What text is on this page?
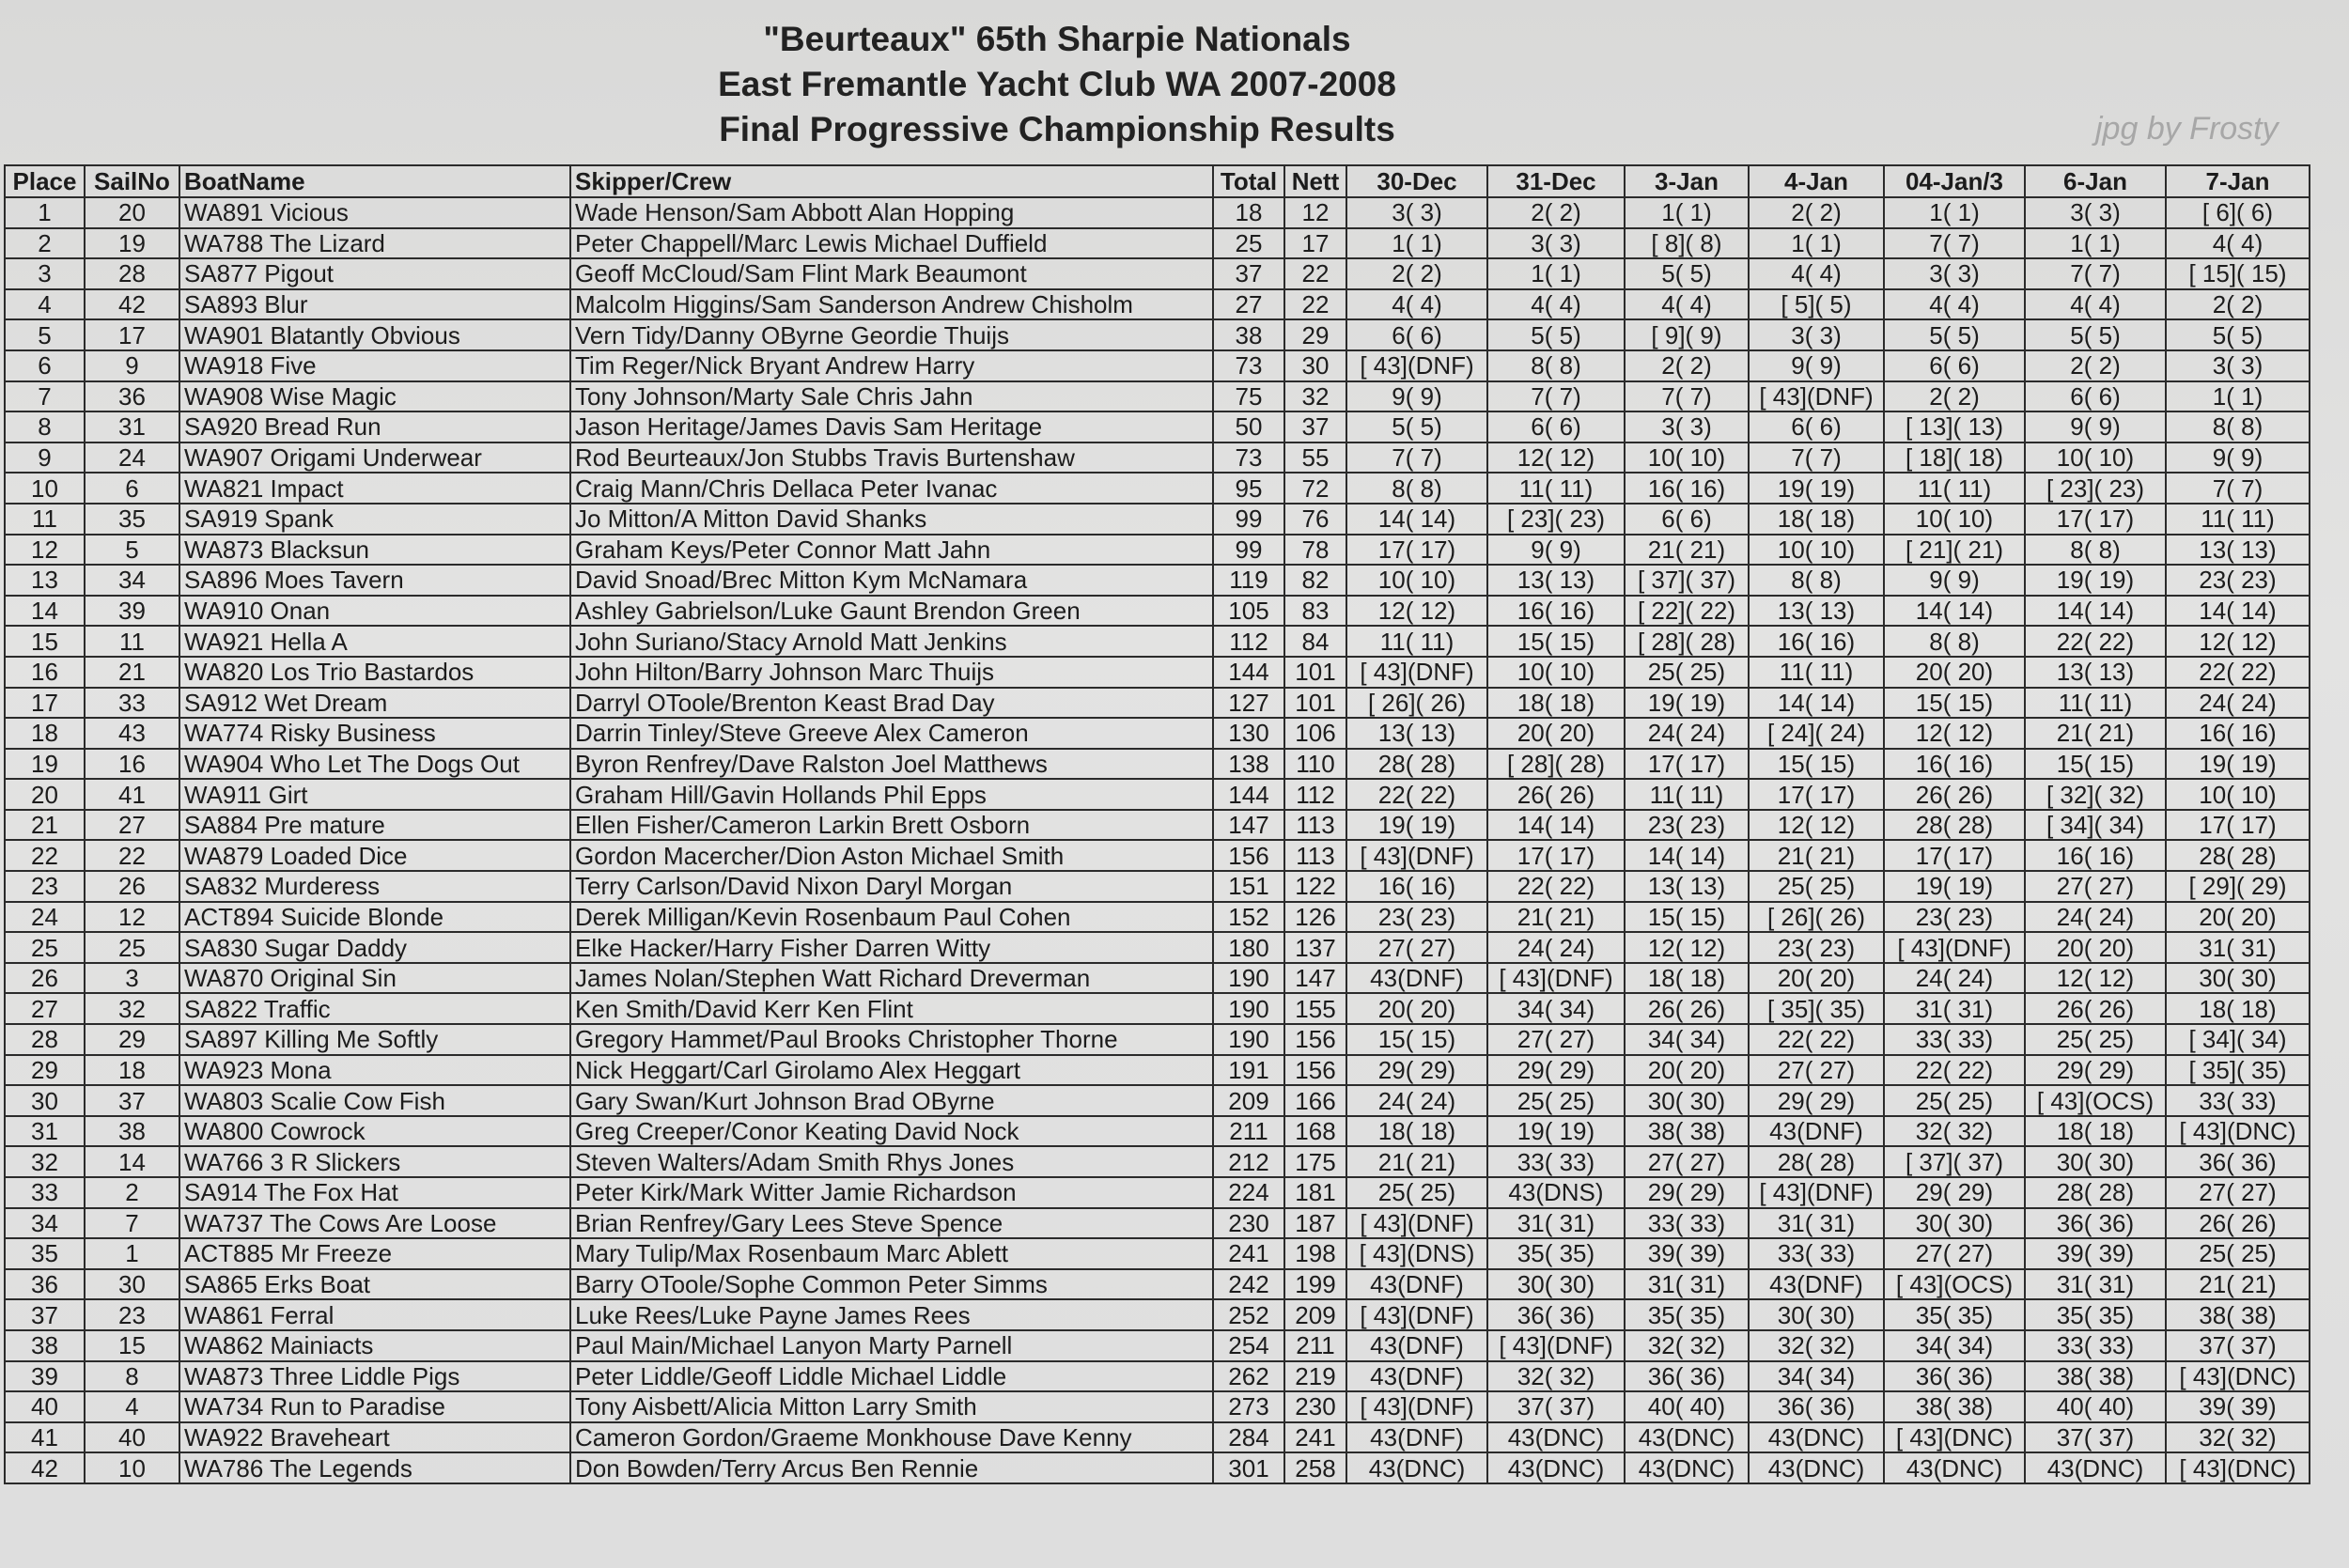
"Beurteaux" 65th Sharpie Nationals
East Fremantle Yacht Club WA 2007-2008
Final Progressive Championship Results	jpg by Frosty
Place	SailNo	BoatName	Skipper/Crew	Total	Nett	30-Dec	31-Dec	3-Jan	4-Jan	04-Jan/3	6-Jan	7-Jan
1	20	WA891 Vicious	Wade Henson/Sam Abbott Alan Hopping	18	12	3( 3)	2( 2)	1( 1)	2( 2)	1( 1)	3( 3)	[ 6]( 6)
2	19	WA788 The Lizard	Peter Chappell/Marc Lewis Michael Duffield	25	17	1( 1)	3( 3)	[ 8]( 8)	1( 1)	7( 7)	1( 1)	4( 4)
3	28	SA877 Pigout	Geoff McCloud/Sam Flint Mark Beaumont	37	22	2( 2)	1( 1)	5( 5)	4( 4)	3( 3)	7( 7)	[ 15]( 15)
4	42	SA893 Blur	Malcolm Higgins/Sam Sanderson Andrew Chisholm	27	22	4( 4)	4( 4)	4( 4)	[ 5]( 5)	4( 4)	4( 4)	2( 2)
5	17	WA901 Blatantly Obvious	Vern Tidy/Danny OByrne Geordie Thuijs	38	29	6( 6)	5( 5)	[ 9]( 9)	3( 3)	5( 5)	5( 5)	5( 5)
6	9	WA918 Five	Tim Reger/Nick Bryant Andrew Harry	73	30	[ 43](DNF)	8( 8)	2( 2)	9( 9)	6( 6)	2( 2)	3( 3)
7	36	WA908 Wise Magic	Tony Johnson/Marty Sale Chris Jahn	75	32	9( 9)	7( 7)	7( 7)	[ 43](DNF)	2( 2)	6( 6)	1( 1)
8	31	SA920 Bread Run	Jason Heritage/James Davis Sam Heritage	50	37	5( 5)	6( 6)	3( 3)	6( 6)	[ 13]( 13)	9( 9)	8( 8)
9	24	WA907 Origami Underwear	Rod Beurteaux/Jon Stubbs Travis Burtenshaw	73	55	7( 7)	12( 12)	10( 10)	7( 7)	[ 18]( 18)	10( 10)	9( 9)
10	6	WA821 Impact	Craig Mann/Chris Dellaca Peter Ivanac	95	72	8( 8)	11( 11)	16( 16)	19( 19)	11( 11)	[ 23]( 23)	7( 7)
11	35	SA919 Spank	Jo Mitton/A Mitton David Shanks	99	76	14( 14)	[ 23]( 23)	6( 6)	18( 18)	10( 10)	17( 17)	11( 11)
12	5	WA873 Blacksun	Graham Keys/Peter Connor Matt Jahn	99	78	17( 17)	9( 9)	21( 21)	10( 10)	[ 21]( 21)	8( 8)	13( 13)
13	34	SA896 Moes Tavern	David Snoad/Brec Mitton Kym McNamara	119	82	10( 10)	13( 13)	[ 37]( 37)	8( 8)	9( 9)	19( 19)	23( 23)
14	39	WA910 Onan	Ashley Gabrielson/Luke Gaunt Brendon Green	105	83	12( 12)	16( 16)	[ 22]( 22)	13( 13)	14( 14)	14( 14)	14( 14)
15	11	WA921 Hella A	John Suriano/Stacy Arnold Matt Jenkins	112	84	11( 11)	15( 15)	[ 28]( 28)	16( 16)	8( 8)	22( 22)	12( 12)
16	21	WA820 Los Trio Bastardos	John Hilton/Barry Johnson Marc Thuijs	144	101	[ 43](DNF)	10( 10)	25( 25)	11( 11)	20( 20)	13( 13)	22( 22)
17	33	SA912 Wet Dream	Darryl OToole/Brenton Keast Brad Day	127	101	[ 26]( 26)	18( 18)	19( 19)	14( 14)	15( 15)	11( 11)	24( 24)
18	43	WA774 Risky Business	Darrin Tinley/Steve Greeve Alex Cameron	130	106	13( 13)	20( 20)	24( 24)	[ 24]( 24)	12( 12)	21( 21)	16( 16)
19	16	WA904 Who Let The Dogs Out	Byron Renfrey/Dave Ralston Joel Matthews	138	110	28( 28)	[ 28]( 28)	17( 17)	15( 15)	16( 16)	15( 15)	19( 19)
20	41	WA911 Girt	Graham Hill/Gavin Hollands Phil Epps	144	112	22( 22)	26( 26)	11( 11)	17( 17)	26( 26)	[ 32]( 32)	10( 10)
21	27	SA884 Pre mature	Ellen Fisher/Cameron Larkin Brett Osborn	147	113	19( 19)	14( 14)	23( 23)	12( 12)	28( 28)	[ 34]( 34)	17( 17)
22	22	WA879 Loaded Dice	Gordon Macercher/Dion Aston Michael Smith	156	113	[ 43](DNF)	17( 17)	14( 14)	21( 21)	17( 17)	16( 16)	28( 28)
23	26	SA832 Murderess	Terry Carlson/David Nixon Daryl Morgan	151	122	16( 16)	22( 22)	13( 13)	25( 25)	19( 19)	27( 27)	[ 29]( 29)
24	12	ACT894 Suicide Blonde	Derek Milligan/Kevin Rosenbaum Paul Cohen	152	126	23( 23)	21( 21)	15( 15)	[ 26]( 26)	23( 23)	24( 24)	20( 20)
25	25	SA830 Sugar Daddy	Elke Hacker/Harry Fisher Darren Witty	180	137	27( 27)	24( 24)	12( 12)	23( 23)	[ 43](DNF)	20( 20)	31( 31)
26	3	WA870 Original Sin	James Nolan/Stephen Watt Richard Dreverman	190	147	43(DNF)	[ 43](DNF)	18( 18)	20( 20)	24( 24)	12( 12)	30( 30)
27	32	SA822 Traffic	Ken Smith/David Kerr Ken Flint	190	155	20( 20)	34( 34)	26( 26)	[ 35]( 35)	31( 31)	26( 26)	18( 18)
28	29	SA897 Killing Me Softly	Gregory Hammet/Paul Brooks Christopher Thorne	190	156	15( 15)	27( 27)	34( 34)	22( 22)	33( 33)	25( 25)	[ 34]( 34)
29	18	WA923 Mona	Nick Heggart/Carl Girolamo Alex Heggart	191	156	29( 29)	29( 29)	20( 20)	27( 27)	22( 22)	29( 29)	[ 35]( 35)
30	37	WA803 Scalie Cow Fish	Gary Swan/Kurt Johnson Brad OByrne	209	166	24( 24)	25( 25)	30( 30)	29( 29)	25( 25)	[ 43](OCS)	33( 33)
31	38	WA800 Cowrock	Greg Creeper/Conor Keating David Nock	211	168	18( 18)	19( 19)	38( 38)	43(DNF)	32( 32)	18( 18)	[ 43](DNC)
32	14	WA766 3 R Slickers	Steven Walters/Adam Smith Rhys Jones	212	175	21( 21)	33( 33)	27( 27)	28( 28)	[ 37]( 37)	30( 30)	36( 36)
33	2	SA914 The Fox Hat	Peter Kirk/Mark Witter Jamie Richardson	224	181	25( 25)	43(DNS)	29( 29)	[ 43](DNF)	29( 29)	28( 28)	27( 27)
34	7	WA737 The Cows Are Loose	Brian Renfrey/Gary Lees Steve Spence	230	187	[ 43](DNF)	31( 31)	33( 33)	31( 31)	30( 30)	36( 36)	26( 26)
35	1	ACT885 Mr Freeze	Mary Tulip/Max Rosenbaum Marc Ablett	241	198	[ 43](DNS)	35( 35)	39( 39)	33( 33)	27( 27)	39( 39)	25( 25)
36	30	SA865 Erks Boat	Barry OToole/Sophe Common Peter Simms	242	199	43(DNF)	30( 30)	31( 31)	43(DNF)	[ 43](OCS)	31( 31)	21( 21)
37	23	WA861 Ferral	Luke Rees/Luke Payne James Rees	252	209	[ 43](DNF)	36( 36)	35( 35)	30( 30)	35( 35)	35( 35)	38( 38)
38	15	WA862 Mainiacts	Paul Main/Michael Lanyon Marty Parnell	254	211	43(DNF)	[ 43](DNF)	32( 32)	32( 32)	34( 34)	33( 33)	37( 37)
39	8	WA873 Three Liddle Pigs	Peter Liddle/Geoff Liddle Michael Liddle	262	219	43(DNF)	32( 32)	36( 36)	34( 34)	36( 36)	38( 38)	[ 43](DNC)
40	4	WA734 Run to Paradise	Tony Aisbett/Alicia Mitton Larry Smith	273	230	[ 43](DNF)	37( 37)	40( 40)	36( 36)	38( 38)	40( 40)	39( 39)
41	40	WA922 Braveheart	Cameron Gordon/Graeme Monkhouse Dave Kenny	284	241	43(DNF)	43(DNC)	43(DNC)	43(DNC)	[ 43](DNC)	37( 37)	32( 32)
42	10	WA786 The Legends	Don Bowden/Terry Arcus Ben Rennie	301	258	43(DNC)	43(DNC)	43(DNC)	43(DNC)	43(DNC)	43(DNC)	[ 43](DNC)
